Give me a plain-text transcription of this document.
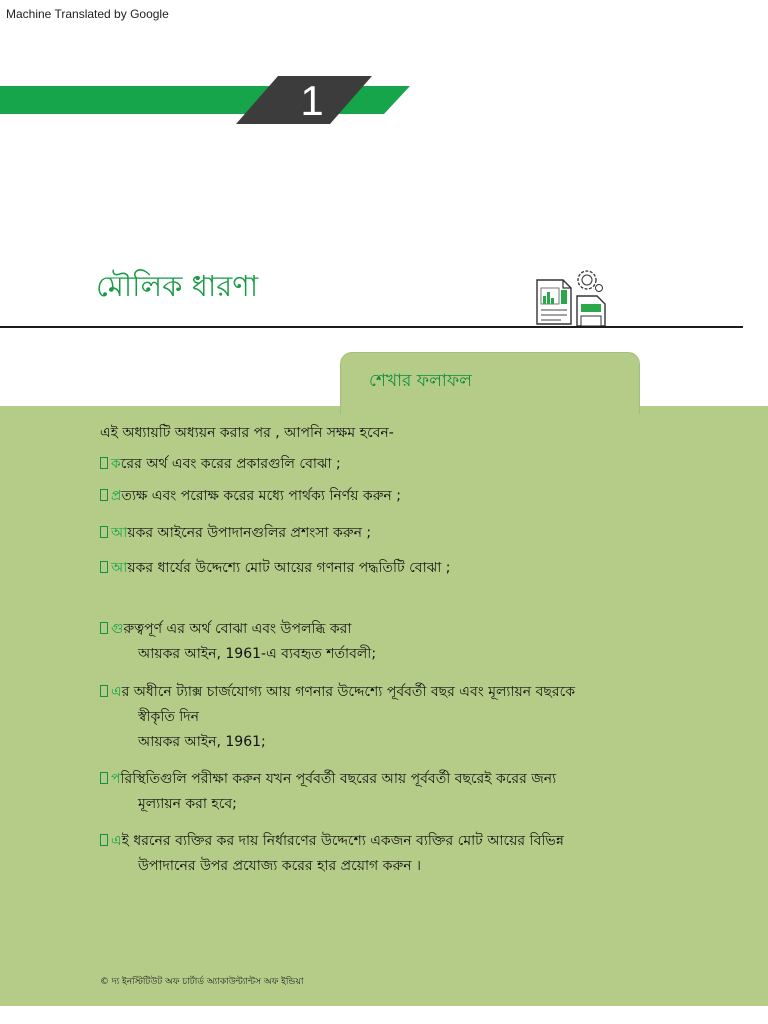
Machine Translated by Google
1
মৌলিক ধারণা
শেখার ফলাফল
এই অধ্যায়টি অধ্যয়ন করার পর , আপনি সক্ষম হবেন-
করের অর্থ এবং করের প্রকারগুলি বোঝা ;
প্রত্যক্ষ এবং পরোক্ষ করের মধ্যে পার্থক্য নির্ণয় করুন ;
আয়কর আইনের উপাদানগুলির প্রশংসা করুন ;
আয়কর ধার্যের উদ্দেশ্যে মোট আয়ের গণনার পদ্ধতিটি বোঝা ;
গুরুত্বপূর্ণ এর অর্থ বোঝা এবং উপলব্ধি করা
আয়কর আইন, 1961-এ ব্যবহৃত শর্তাবলী;
এর অধীনে ট্যাক্স চার্জযোগ্য আয় গণনার উদ্দেশ্যে পূর্ববর্তী বছর এবং মূল্যায়ন বছরকে
স্বীকৃতি দিন
আয়কর আইন, 1961;
পরিস্থিতিগুলি পরীক্ষা করুন যখন পূর্ববর্তী বছরের আয় পূর্ববর্তী বছরেই করের জন্য
মূল্যায়ন করা হবে;
এই ধরনের ব্যক্তির কর দায় নির্ধারণের উদ্দেশ্যে একজন ব্যক্তির মোট আয়ের বিভিন্ন
উপাদানের উপর প্রযোজ্য করের হার প্রয়োগ করুন ।
© দ্য ইনস্টিটিউট অফ চার্টার্ড অ্যাকাউন্ট্যান্টস অফ ইন্ডিয়া
